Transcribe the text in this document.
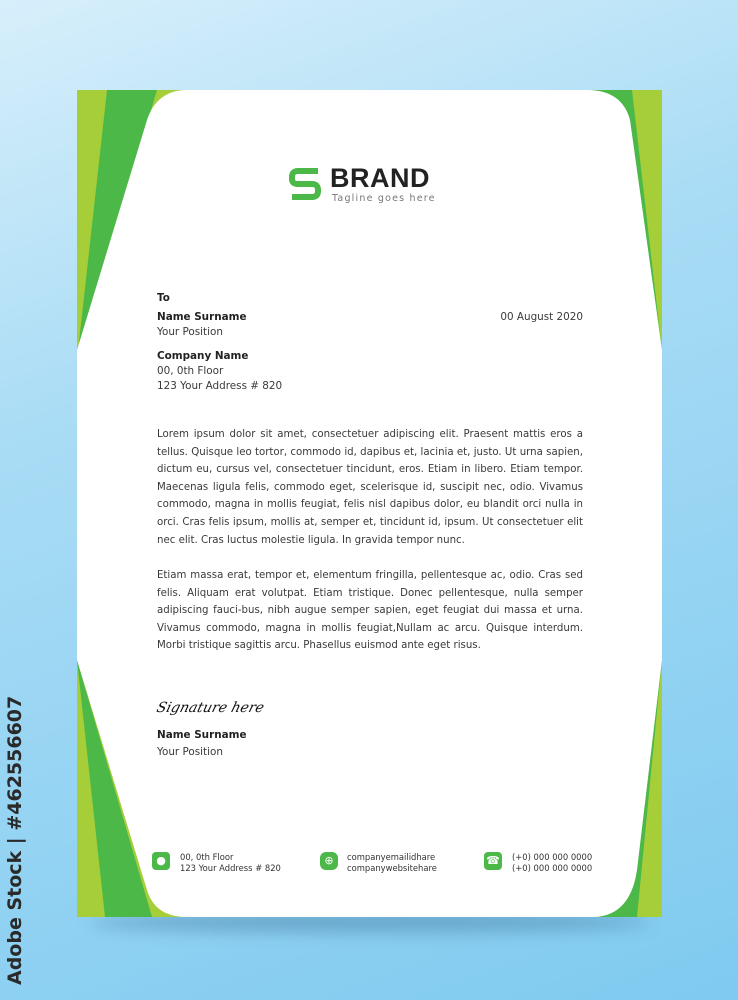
Adobe Stock | #462556607
BRAND
Tagline goes here
To
Name Surname
Your Position
Company Name
00, 0th Floor
123 Your Address # 820
00 August 2020
Lorem ipsum dolor sit amet, consectetuer adipiscing elit. Praesent mattis eros a tellus. Quisque leo tortor, commodo id, dapibus et, lacinia et, justo. Ut urna sapien, dictum eu, cursus vel, consectetuer tincidunt, eros. Etiam in libero. Etiam tempor. Maecenas ligula felis, commodo eget, scelerisque id, suscipit nec, odio. Vivamus commodo, magna in mollis feugiat, felis nisl dapibus dolor, eu blandit orci nulla in orci. Cras felis ipsum, mollis at, semper et, tincidunt id, ipsum. Ut consectetuer elit nec elit. Cras luctus molestie ligula. In gravida tempor nunc.
Etiam massa erat, tempor et, elementum fringilla, pellentesque ac, odio. Cras sed felis. Aliquam erat volutpat. Etiam tristique. Donec pellentesque, nulla semper adipiscing fauci-bus, nibh augue semper sapien, eget feugiat dui massa et urna. Vivamus commodo, magna in mollis feugiat,Nullam ac arcu. Quisque interdum. Morbi tristique sagittis arcu. Phasellus euismod ante eget risus.
Signature here
Name Surname
Your Position
●	00, 0th Floor
123 Your Address # 820
⊕	companyemailidhare
companywebsitehare
☎ (+0) 000 000 0000
(+0) 000 000 0000
